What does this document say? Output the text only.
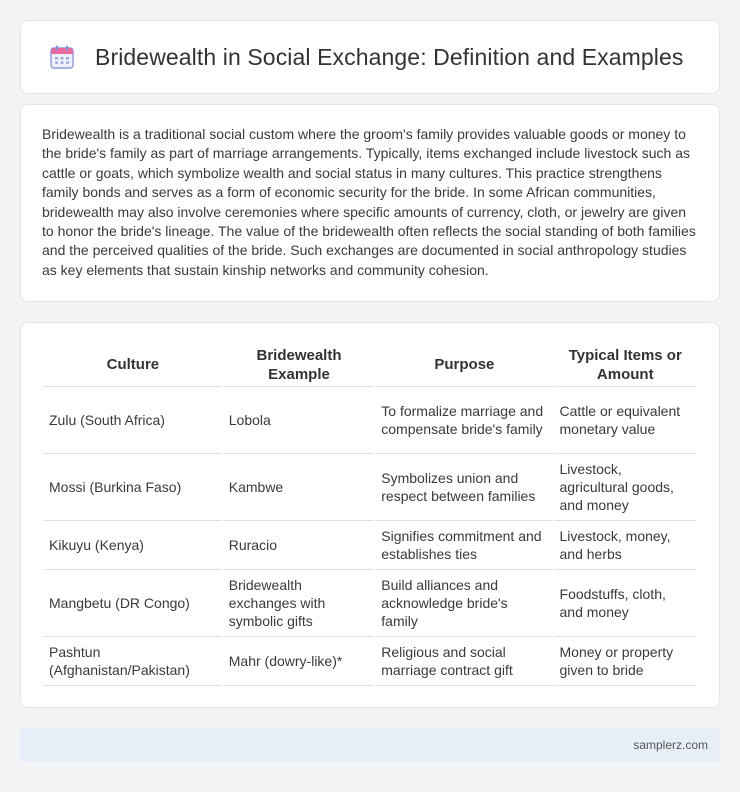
Bridewealth in Social Exchange: Definition and Examples

Bridewealth is a traditional social custom where the groom's family provides valuable goods or money to the bride's family as part of marriage arrangements. Typically, items exchanged include livestock such as cattle or goats, which symbolize wealth and social status in many cultures. This practice strengthens family bonds and serves as a form of economic security for the bride. In some African communities, bridewealth may also involve ceremonies where specific amounts of currency, cloth, or jewelry are given to honor the bride's lineage. The value of the bridewealth often reflects the social standing of both families and the perceived qualities of the bride. Such exchanges are documented in social anthropology studies as key elements that sustain kinship networks and community cohesion.

Culture	Bridewealth Example	Purpose	Typical Items or Amount
Zulu (South Africa)	Lobola	To formalize marriage and compensate bride's family	Cattle or equivalent monetary value
Mossi (Burkina Faso)	Kambwe	Symbolizes union and respect between families	Livestock, agricultural goods, and money
Kikuyu (Kenya)	Ruracio	Signifies commitment and establishes ties	Livestock, money, and herbs
Mangbetu (DR Congo)	Bridewealth exchanges with symbolic gifts	Build alliances and acknowledge bride's family	Foodstuffs, cloth, and money
Pashtun (Afghanistan/Pakistan)	Mahr (dowry-like)*	Religious and social marriage contract gift	Money or property given to bride
samplerz.com
